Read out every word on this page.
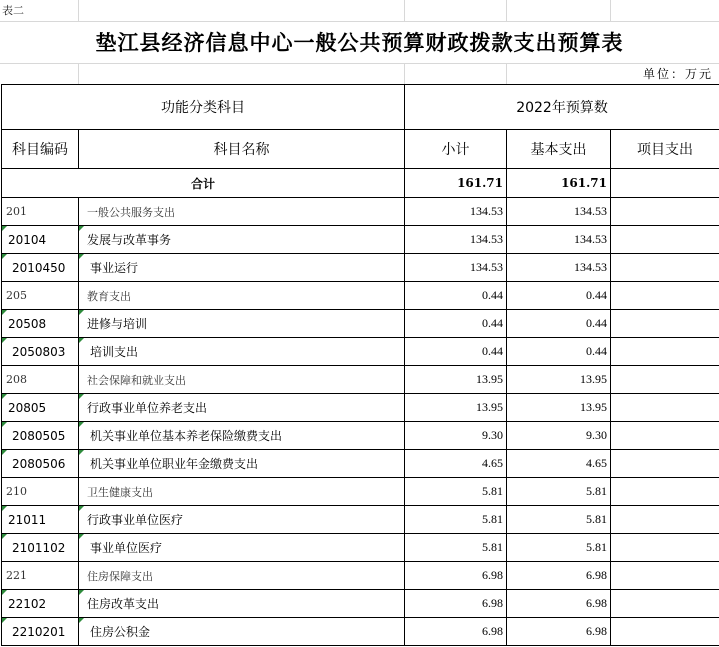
表二
垫江县经济信息中心一般公共预算财政拨款支出预算表
单位：万元
功能分类科目		2022年预算数		
科目编码	科目名称	小计	基本支出	项目支出
合计		161.71	161.71	
201	一般公共服务支出	134.53	134.53	

20104	发展与改革事务	134.53	134.53	

2010450	事业运行	134.53	134.53	
205	教育支出	0.44	0.44	

20508	进修与培训	0.44	0.44	

2050803	培训支出	0.44	0.44	
208	社会保障和就业支出	13.95	13.95	

20805	行政事业单位养老支出	13.95	13.95	

2080505	机关事业单位基本养老保险缴费支出	9.30	9.30	

2080506	机关事业单位职业年金缴费支出	4.65	4.65	
210	卫生健康支出	5.81	5.81	

21011	行政事业单位医疗	5.81	5.81	

2101102	事业单位医疗	5.81	5.81	
221	住房保障支出	6.98	6.98	

22102	住房改革支出	6.98	6.98	

2210201	住房公积金	6.98	6.98	
